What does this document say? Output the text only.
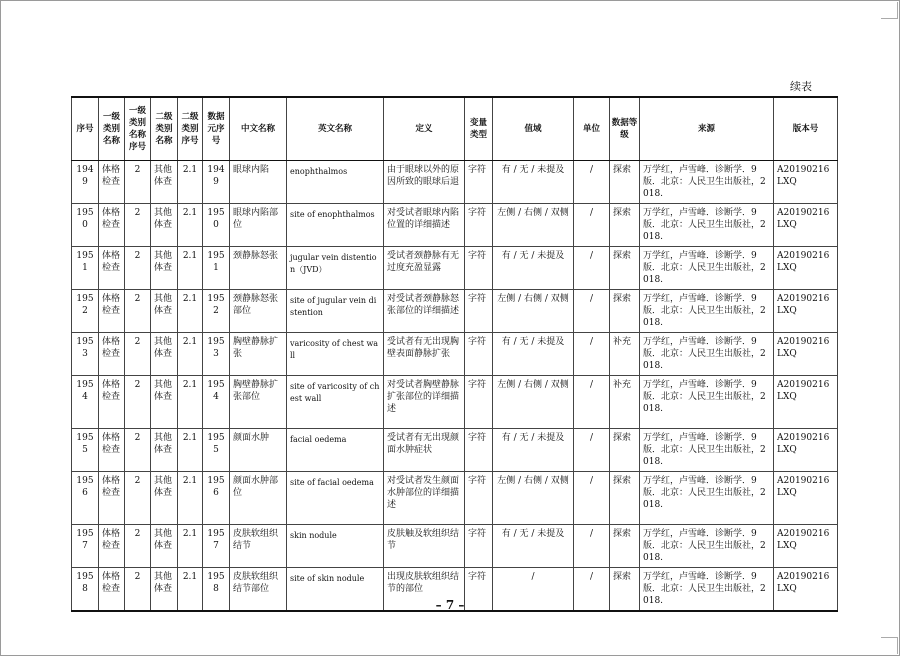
续表
序号	一级类别名称	一级类别名称序号	二级类别名称	二级类别序号	数据元序号	中文名称	英文名称	定义	变量类型	值域	单位	数据等级	来源	版本号
1949	体格检查	2	其他体查	2.1	1949	眼球内陷	enophthalmos	由于眼球以外的原因所致的眼球后退	字符	有 / 无 / 未提及	/	探索	万学红，卢雪峰．诊断学．9 版．北京：人民卫生出版社，2018.	A20190216LXQ
1950	体格检查	2	其他体查	2.1	1950	眼球内陷部位	site of enophthalmos	对受试者眼球内陷位置的详细描述	字符	左侧 / 右侧 / 双侧	/	探索	万学红，卢雪峰．诊断学．9 版．北京：人民卫生出版社，2018.	A20190216LXQ
1951	体格检查	2	其他体查	2.1	1951	颈静脉怒张	jugular vein distention（JVD）	受试者颈静脉有无过度充盈显露	字符	有 / 无 / 未提及	/	探索	万学红，卢雪峰．诊断学．9 版．北京：人民卫生出版社，2018.	A20190216LXQ
1952	体格检查	2	其他体查	2.1	1952	颈静脉怒张部位	site of jugular vein distention	对受试者颈静脉怒张部位的详细描述	字符	左侧 / 右侧 / 双侧	/	探索	万学红，卢雪峰．诊断学．9 版．北京：人民卫生出版社，2018.	A20190216LXQ
1953	体格检查	2	其他体查	2.1	1953	胸壁静脉扩张	varicosity of chest wall	受试者有无出现胸壁表面静脉扩张	字符	有 / 无 / 未提及	/	补充	万学红，卢雪峰．诊断学．9 版．北京：人民卫生出版社，2018.	A20190216LXQ
1954	体格检查	2	其他体查	2.1	1954	胸壁静脉扩张部位	site of varicosity of chest wall	对受试者胸壁静脉扩张部位的详细描述	字符	左侧 / 右侧 / 双侧	/	补充	万学红，卢雪峰．诊断学．9 版．北京：人民卫生出版社，2018.	A20190216LXQ
1955	体格检查	2	其他体查	2.1	1955	颜面水肿	facial oedema	受试者有无出现颜面水肿症状	字符	有 / 无 / 未提及	/	探索	万学红，卢雪峰．诊断学．9 版．北京：人民卫生出版社，2018.	A20190216LXQ
1956	体格检查	2	其他体查	2.1	1956	颜面水肿部位	site of facial oedema	对受试者发生颜面水肿部位的详细描述	字符	左侧 / 右侧 / 双侧	/	探索	万学红，卢雪峰．诊断学．9 版．北京：人民卫生出版社，2018.	A20190216LXQ
1957	体格检查	2	其他体查	2.1	1957	皮肤软组织结节	skin nodule	皮肤触及软组织结节	字符	有 / 无 / 未提及	/	探索	万学红，卢雪峰．诊断学．9 版．北京：人民卫生出版社，2018.	A20190216LXQ
1958	体格检查	2	其他体查	2.1	1958	皮肤软组织结节部位	site of skin nodule	出现皮肤软组织结节的部位	字符	/	/	探索	万学红，卢雪峰．诊断学．9 版．北京：人民卫生出版社，2018.	A20190216LXQ
– 7 –
